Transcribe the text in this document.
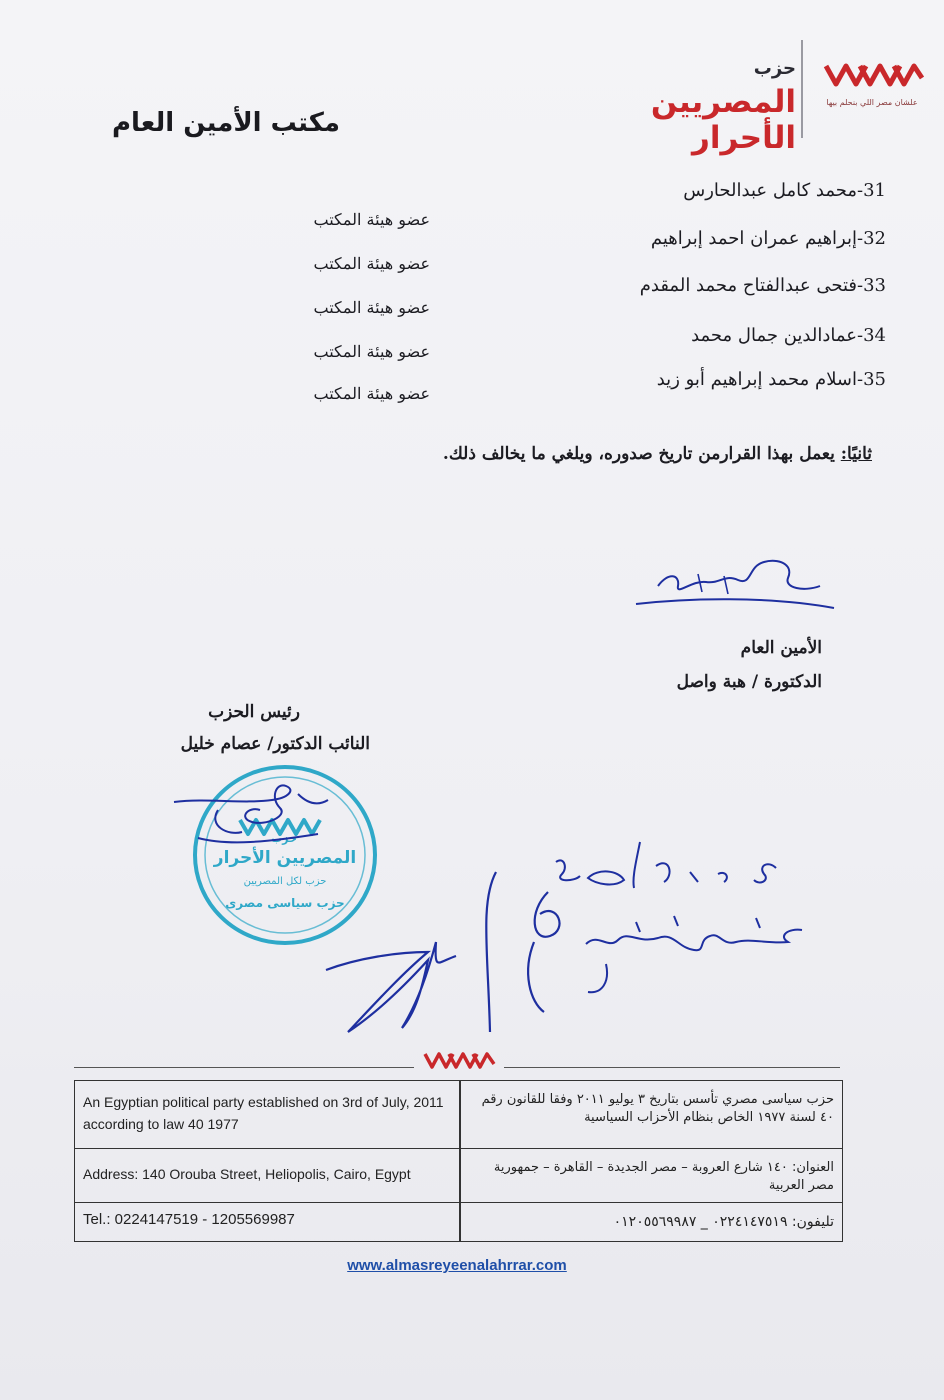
علشان مصر اللي بنحلم بيها
حزب
المصريين الأحرار
مكتب الأمين العام
31-محمد كامل عبدالحارس
عضو هيئة المكتب
32-إبراهيم عمران احمد إبراهيم
عضو هيئة المكتب
33-فتحى عبدالفتاح محمد المقدم
عضو هيئة المكتب
34-عمادالدين جمال محمد
عضو هيئة المكتب
35-اسلام محمد إبراهيم أبو زيد
عضو هيئة المكتب
ثانيًا: يعمل بهذا القرارمن تاريخ صدوره، ويلغي ما يخالف ذلك.
الأمين العام
الدكتورة / هبة واصل
رئيس الحزب
النائب الدكتور/ عصام خليل
حزب
المصريين الأحرار
حزب لكل المصريين
حزب سياسى مصرى
An Egyptian political party established on 3rd of July, 2011 according to law 40 1977
حزب سياسى مصري تأسس بتاريخ ٣ يوليو ٢٠١١ وفقا للقانون رقم ٤٠ لسنة ١٩٧٧ الخاص بنظام الأحزاب السياسية
Address: 140 Orouba Street, Heliopolis, Cairo, Egypt	العنوان: ١٤٠ شارع العروبة – مصر الجديدة – القاهرة – جمهورية مصر العربية
Tel.: 0224147519 - 1205569987	تليفون: ٠٢٢٤١٤٧٥١٩ _ ٠١٢٠٥٥٦٩٩٨٧
www.almasreyeenalahrrar.com
